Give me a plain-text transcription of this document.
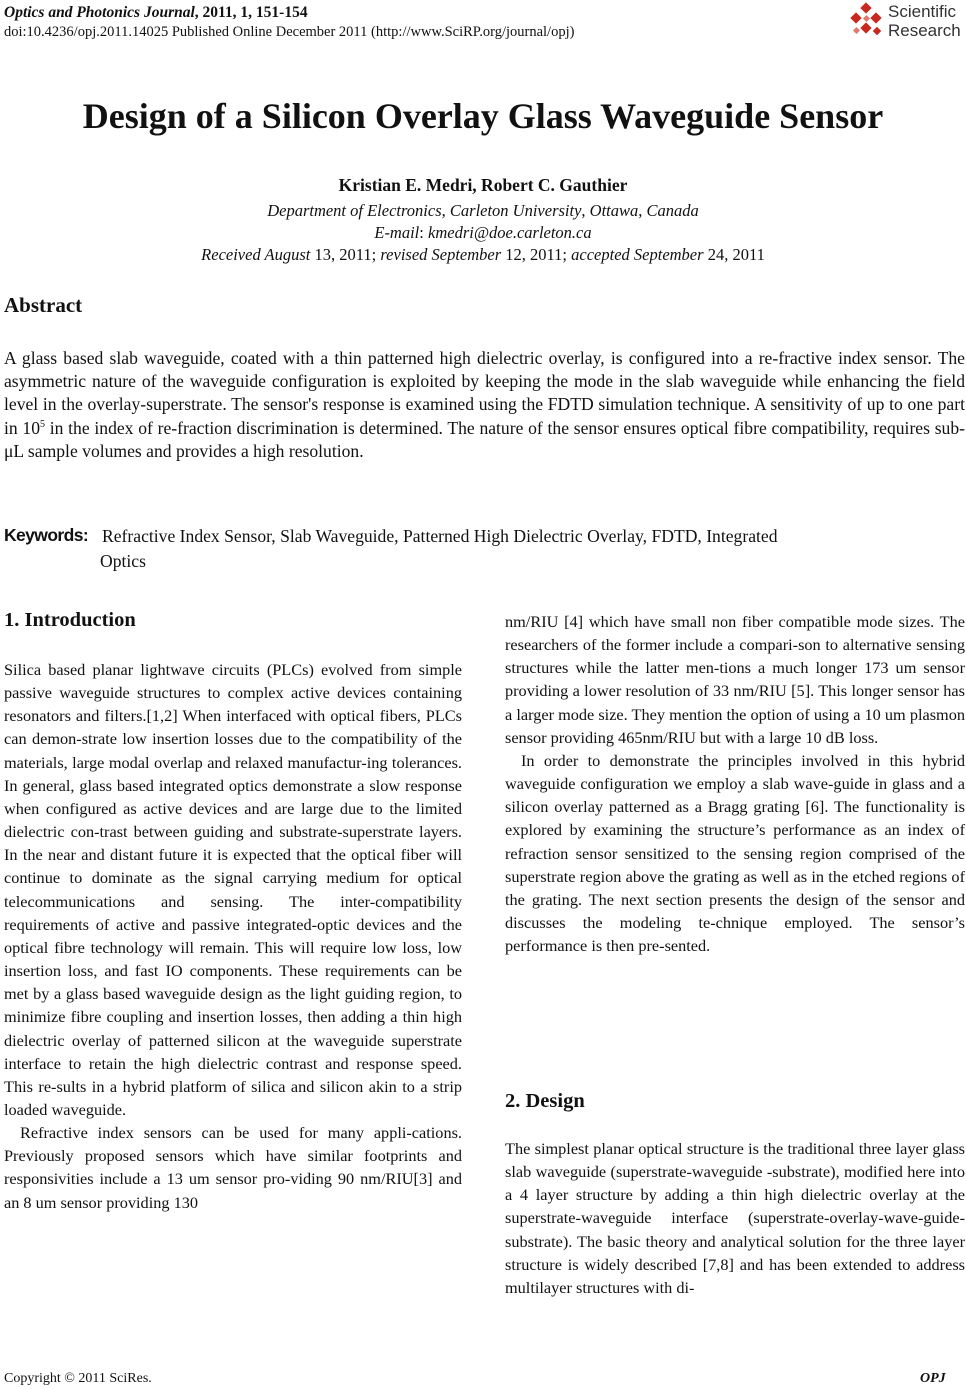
Optics and Photonics Journal, 2011, 1, 151-154
doi:10.4236/opj.2011.14025 Published Online December 2011 (http://www.SciRP.org/journal/opj)
Scientific
Research
Design of a Silicon Overlay Glass Waveguide Sensor
Kristian E. Medri, Robert C. Gauthier
Department of Electronics, Carleton University, Ottawa, Canada
E-mail: kmedri@doe.carleton.ca
Received August 13, 2011; revised September 12, 2011; accepted September 24, 2011
Abstract
A glass based slab waveguide, coated with a thin patterned high dielectric overlay, is configured into a re-fractive index sensor. The asymmetric nature of the waveguide configuration is exploited by keeping the mode in the slab waveguide while enhancing the field level in the overlay-superstrate. The sensor's response is examined using the FDTD simulation technique. A sensitivity of up to one part in $10^5$ in the index of re-fraction discrimination is determined. The nature of the sensor ensures optical fibre compatibility, requires sub-μL sample volumes and provides a high resolution.
Keywords: Refractive Index Sensor, Slab Waveguide, Patterned High Dielectric Overlay, FDTD, Integrated
Optics
1. Introduction

Silica based planar lightwave circuits (PLCs) evolved from simple passive waveguide structures to complex active devices containing resonators and filters.[1,2] When interfaced with optical fibers, PLCs can demon-strate low insertion losses due to the compatibility of the materials, large modal overlap and relaxed manufactur-ing tolerances. In general, glass based integrated optics demonstrate a slow response when configured as active devices and are large due to the limited dielectric con-trast between guiding and substrate-superstrate layers. In the near and distant future it is expected that the optical fiber will continue to dominate as the signal carrying medium for optical telecommunications and sensing. The inter-compatibility requirements of active and passive integrated-optic devices and the optical fibre technology will remain. This will require low loss, low insertion loss, and fast IO components. These requirements can be met by a glass based waveguide design as the light guiding region, to minimize fibre coupling and insertion losses, then adding a thin high dielectric overlay of patterned silicon at the waveguide superstrate interface to retain the high dielectric contrast and response speed. This re-sults in a hybrid platform of silica and silicon akin to a strip loaded waveguide.

Refractive index sensors can be used for many appli-cations. Previously proposed sensors which have similar footprints and responsivities include a 13 um sensor pro-viding 90 nm/RIU[3] and an 8 um sensor providing 130

nm/RIU [4] which have small non fiber compatible mode sizes. The researchers of the former include a compari-son to alternative sensing structures while the latter men-tions a much longer 173 um sensor providing a lower resolution of 33 nm/RIU [5]. This longer sensor has a larger mode size. They mention the option of using a 10 um plasmon sensor providing 465nm/RIU but with a large 10 dB loss.

In order to demonstrate the principles involved in this hybrid waveguide configuration we employ a slab wave-guide in glass and a silicon overlay patterned as a Bragg grating [6]. The functionality is explored by examining the structure’s performance as an index of refraction sensor sensitized to the sensing region comprised of the superstrate region above the grating as well as in the etched regions of the grating. The next section presents the design of the sensor and discusses the modeling te-chnique employed. The sensor’s performance is then pre-sented.

2. Design

The simplest planar optical structure is the traditional three layer glass slab waveguide (superstrate-waveguide -substrate), modified here into a 4 layer structure by adding a thin high dielectric overlay at the superstrate-waveguide interface (superstrate-overlay-wave-guide-substrate). The basic theory and analytical solution for the three layer structure is widely described [7,8] and has been extended to address multilayer structures with di-

Copyright © 2011 SciRes.	OPJ
